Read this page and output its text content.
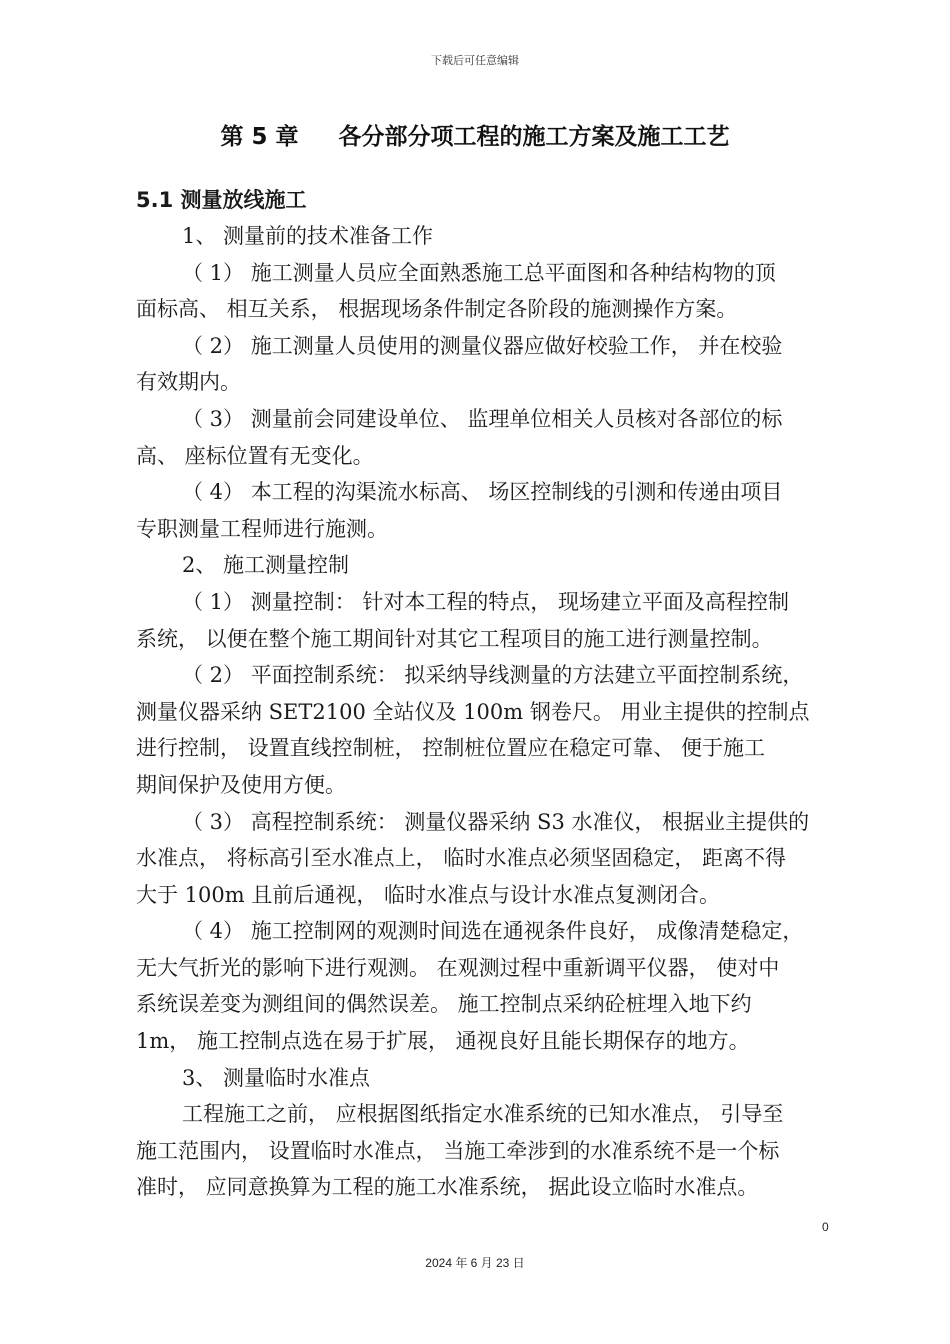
下载后可任意编辑
第 5 章     各分部分项工程的施工方案及施工工艺

5.1 测量放线施工

1、 测量前的技术准备工作

（ 1） 施工测量人员应全面熟悉施工总平面图和各种结构物的顶

面标高、 相互关系， 根据现场条件制定各阶段的施测操作方案。

（ 2） 施工测量人员使用的测量仪器应做好校验工作， 并在校验

有效期内。

（ 3） 测量前会同建设单位、 监理单位相关人员核对各部位的标

高、 座标位置有无变化。

（ 4） 本工程的沟渠流水标高、 场区控制线的引测和传递由项目

专职测量工程师进行施测。

2、 施工测量控制

（ 1） 测量控制： 针对本工程的特点， 现场建立平面及高程控制

系统， 以便在整个施工期间针对其它工程项目的施工进行测量控制。

（ 2） 平面控制系统： 拟采纳导线测量的方法建立平面控制系统，

测量仪器采纳 SET2100 全站仪及 100m 钢卷尺。 用业主提供的控制点

进行控制， 设置直线控制桩， 控制桩位置应在稳定可靠、 便于施工

期间保护及使用方便。

（ 3） 高程控制系统： 测量仪器采纳 S3 水准仪， 根据业主提供的

水准点， 将标高引至水准点上， 临时水准点必须坚固稳定， 距离不得

大于 100m 且前后通视， 临时水准点与设计水准点复测闭合。

（ 4） 施工控制网的观测时间选在通视条件良好， 成像清楚稳定，

无大气折光的影响下进行观测。 在观测过程中重新调平仪器， 使对中

系统误差变为测组间的偶然误差。 施工控制点采纳砼桩埋入地下约

1m， 施工控制点选在易于扩展， 通视良好且能长期保存的地方。

3、 测量临时水准点

工程施工之前， 应根据图纸指定水准系统的已知水准点， 引导至

施工范围内， 设置临时水准点， 当施工牵涉到的水准系统不是一个标

准时， 应同意换算为工程的施工水准系统， 据此设立临时水准点。

0
2024 年 6 月 23 日
